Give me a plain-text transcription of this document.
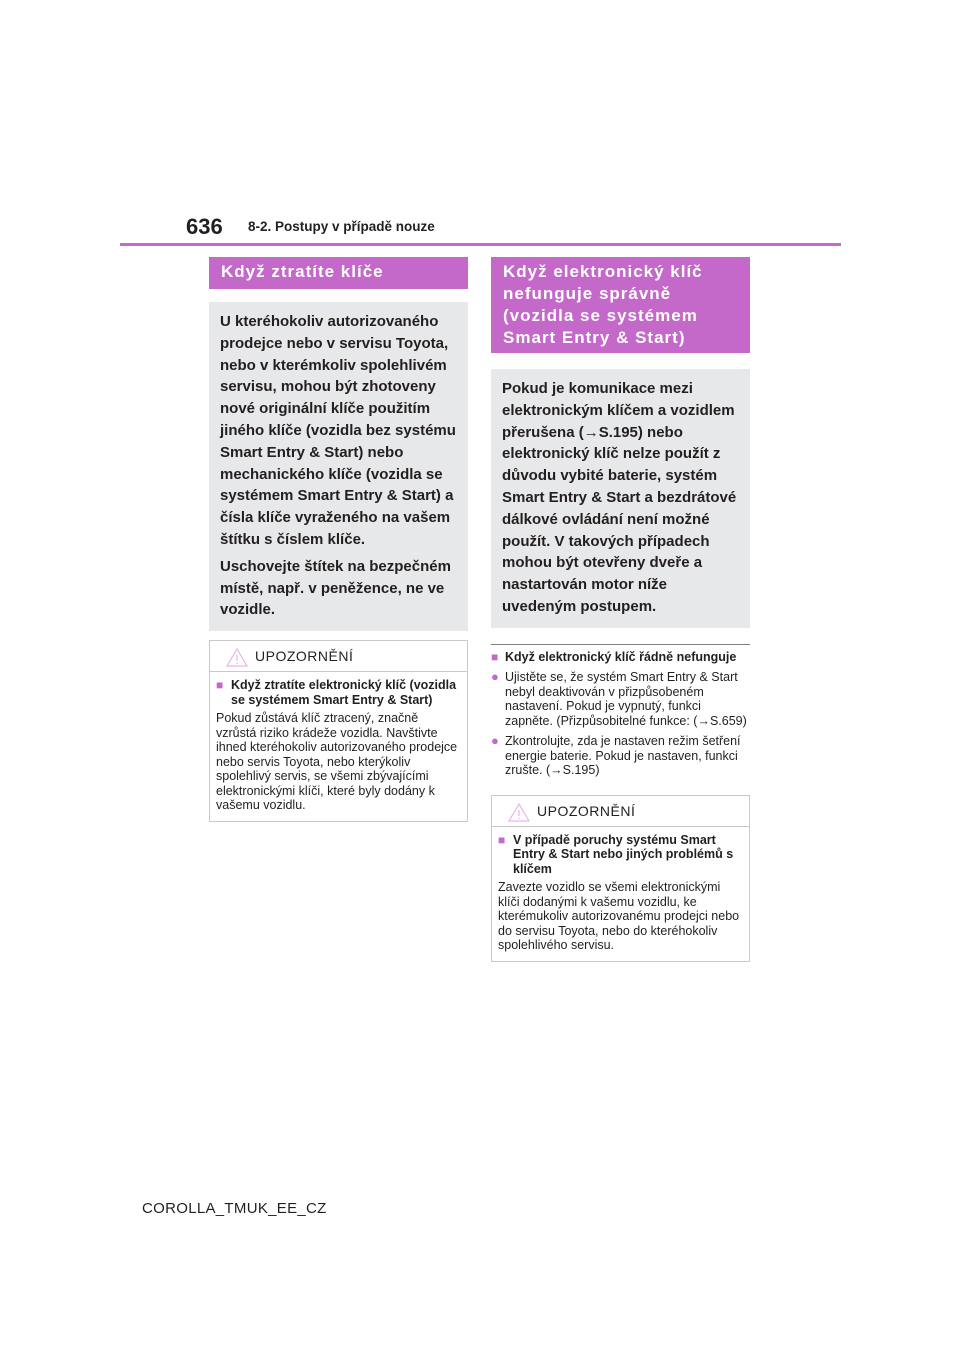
636 8-2. Postupy v případě nouze
Když ztratíte klíče

U kteréhokoliv autorizovaného prodejce nebo v servisu Toyota, nebo v kterémkoliv spolehlivém servisu, mohou být zhotoveny nové originální klíče použitím jiného klíče (vozidla bez systému Smart Entry & Start) nebo mechanického klíče (vozidla se systémem Smart Entry & Start) a čísla klíče vyraženého na vašem štítku s číslem klíče.

Uschovejte štítek na bezpečném místě, např. v peněžence, ne ve vozidle.

UPOZORNĚNÍ
■ Když ztratíte elektronický klíč (vozidla se systémem Smart Entry & Start)
Pokud zůstává klíč ztracený, značně vzrůstá riziko krádeže vozidla. Navštivte ihned kteréhokoliv autorizovaného prodejce nebo servis Toyota, nebo kterýkoliv spolehlivý servis, se všemi zbývajícími elektronickými klíči, které byly dodány k vašemu vozidlu.
Když elektronický klíč nefunguje správně (vozidla se systémem Smart Entry & Start)

Pokud je komunikace mezi elektronickým klíčem a vozidlem přerušena (→S.195) nebo elektronický klíč nelze použít z důvodu vybité baterie, systém Smart Entry & Start a bezdrátové dálkové ovládání není možné použít. V takových případech mohou být otevřeny dveře a nastartován motor níže uvedeným postupem.

■ Když elektronický klíč řádně nefunguje
● Ujistěte se, že systém Smart Entry & Start nebyl deaktivován v přizpůsobeném nastavení. Pokud je vypnutý, funkci zapněte. (Přizpůsobitelné funkce: (→S.659)
● Zkontrolujte, zda je nastaven režim šetření energie baterie. Pokud je nastaven, funkci zrušte. (→S.195)
UPOZORNĚNÍ
■ V případě poruchy systému Smart Entry & Start nebo jiných problémů s klíčem
Zavezte vozidlo se všemi elektronickými klíči dodanými k vašemu vozidlu, ke kterémukoliv autorizovanému prodejci nebo do servisu Toyota, nebo do kteréhokoliv spolehlivého servisu.
COROLLA_TMUK_EE_CZ
